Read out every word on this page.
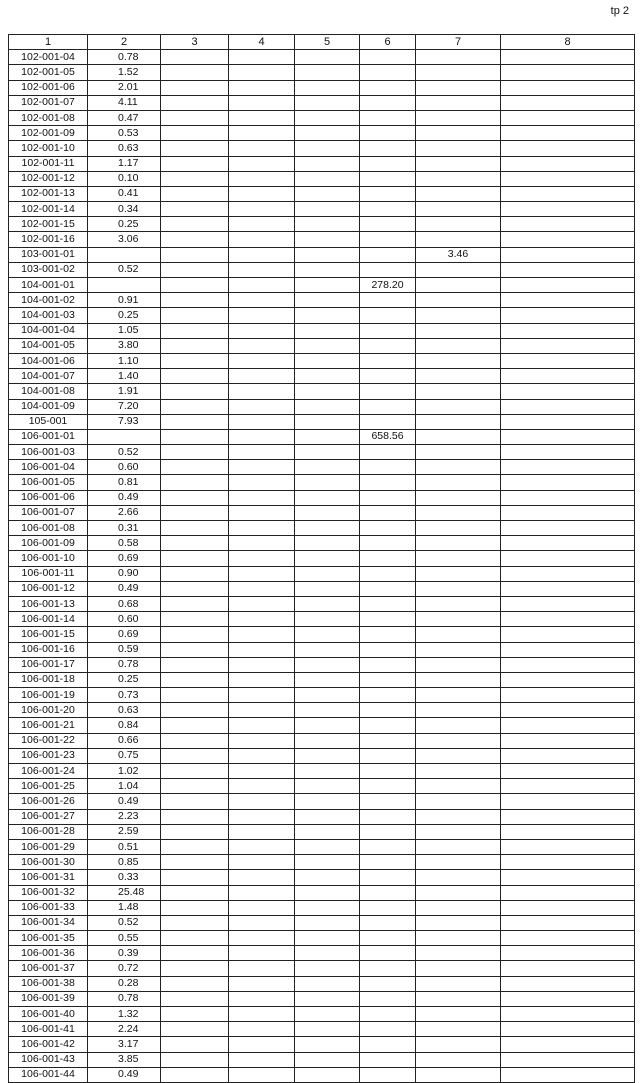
tp 2
1	2	3	4	5	6	7	8
102-001-04	0.78						
102-001-05	1.52						
102-001-06	2.01						
102-001-07	4.11						
102-001-08	0.47						
102-001-09	0.53						
102-001-10	0.63						
102-001-11	1.17						
102-001-12	0.10						
102-001-13	0.41						
102-001-14	0.34						
102-001-15	0.25						
102-001-16	3.06						
103-001-01						3.46	
103-001-02	0.52						
104-001-01					278.20		
104-001-02	0.91						
104-001-03	0.25						
104-001-04	1.05						
104-001-05	3.80						
104-001-06	1.10						
104-001-07	1.40						
104-001-08	1.91						
104-001-09	7.20						
105-001	7.93						
106-001-01					658.56		
106-001-03	0.52						
106-001-04	0.60						
106-001-05	0.81						
106-001-06	0.49						
106-001-07	2.66						
106-001-08	0.31						
106-001-09	0.58						
106-001-10	0.69						
106-001-11	0.90						
106-001-12	0.49						
106-001-13	0.68						
106-001-14	0.60						
106-001-15	0.69						
106-001-16	0.59						
106-001-17	0.78						
106-001-18	0.25						
106-001-19	0.73						
106-001-20	0.63						
106-001-21	0.84						
106-001-22	0.66						
106-001-23	0.75						
106-001-24	1.02						
106-001-25	1.04						
106-001-26	0.49						
106-001-27	2.23						
106-001-28	2.59						
106-001-29	0.51						
106-001-30	0.85						
106-001-31	0.33						
106-001-32	25.48						
106-001-33	1.48						
106-001-34	0.52						
106-001-35	0.55						
106-001-36	0.39						
106-001-37	0.72						
106-001-38	0.28						
106-001-39	0.78						
106-001-40	1.32						
106-001-41	2.24						
106-001-42	3.17						
106-001-43	3.85						
106-001-44	0.49						
